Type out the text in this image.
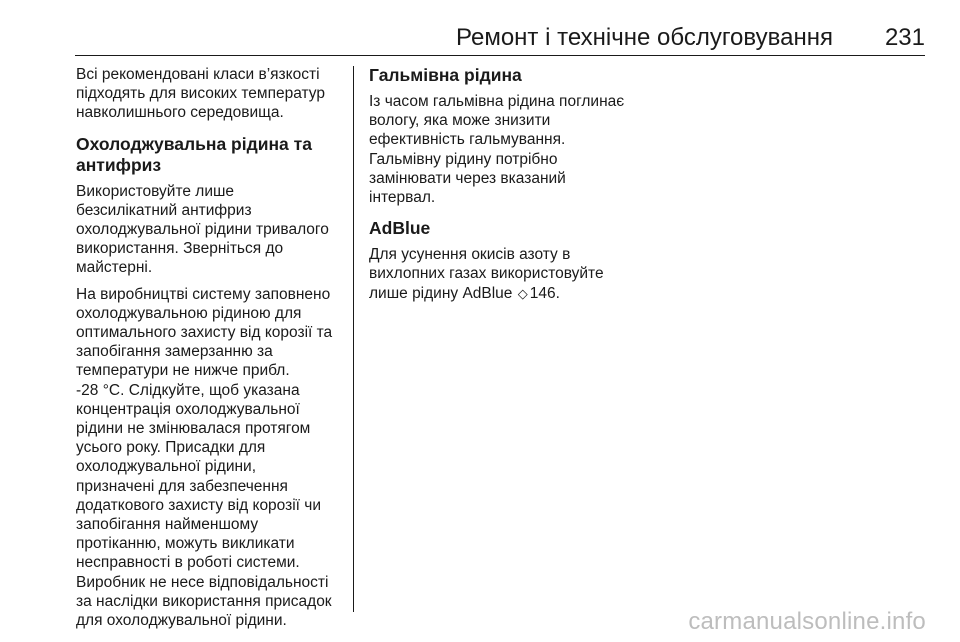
Ремонт і технічне обслуговування 231

Всі рекомендовані класи в’язкості
підходять для високих температур
навколишнього середовища.

Охолоджувальна рідина та
антифриз

Використовуйте лише
безсилікатний антифриз
охолоджувальної рідини тривалого
використання. Зверніться до
майстерні.

На виробництві систему заповнено
охолоджувальною рідиною для
оптимального захисту від корозії та
запобігання замерзанню за
температури не нижче прибл.
-28 °C. Слідкуйте, щоб указана
концентрація охолоджувальної
рідини не змінювалася протягом
усього року. Присадки для
охолоджувальної рідини,
призначені для забезпечення
додаткового захисту від корозії чи
запобігання найменшому
протіканню, можуть викликати
несправності в роботі системи.
Виробник не несе відповідальності
за наслідки використання присадок
для охолоджувальної рідини.

Гальмівна рідина

Із часом гальмівна рідина поглинає
вологу, яка може знизити
ефективність гальмування.
Гальмівну рідину потрібно
замінювати через вказаний
інтервал.

AdBlue

Для усунення окисів азоту в
вихлопних газах використовуйте
лише рідину AdBlue ◇ 146.

carmanualsonline.info
